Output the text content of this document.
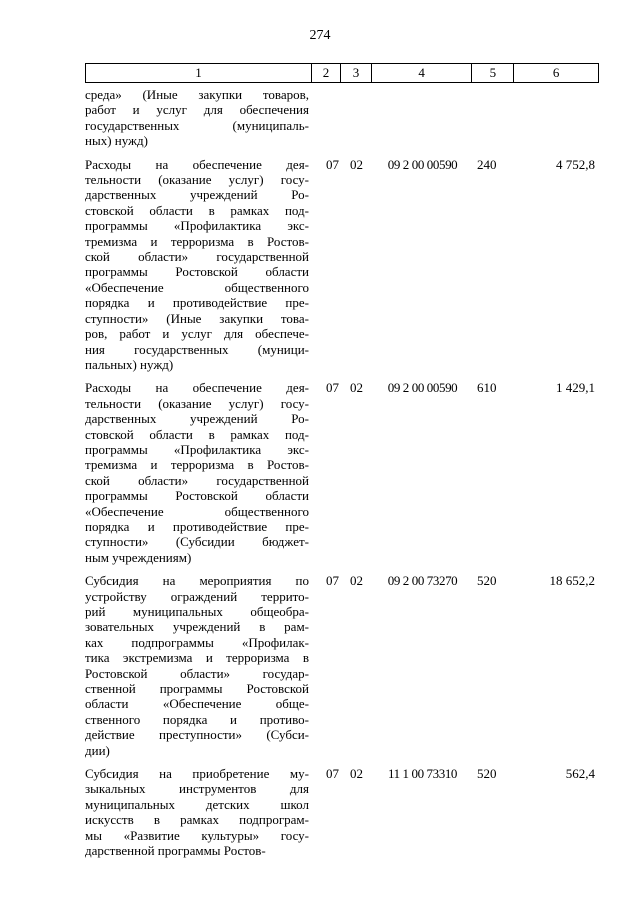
274
1	2	3	4	5	6
среда» (Иные закупки товаров,
работ и услуг для обеспечения
государственных (муниципаль-
ных) нужд)
Расходы на обеспечение дея-
тельности (оказание услуг) госу-
дарственных учреждений Ро-
стовской области в рамках под-
программы «Профилактика экс-
тремизма и терроризма в Ростов-
ской области» государственной
программы Ростовской области
«Обеспечение общественного
порядка и противодействие пре-
ступности» (Иные закупки това-
ров, работ и услуг для обеспече-
ния государственных (муници-
пальных) нужд)
07 02	09 2 00 00590	240	4 752,8
Расходы на обеспечение дея-
тельности (оказание услуг) госу-
дарственных учреждений Ро-
стовской области в рамках под-
программы «Профилактика экс-
тремизма и терроризма в Ростов-
ской области» государственной
программы Ростовской области
«Обеспечение общественного
порядка и противодействие пре-
ступности» (Субсидии бюджет-
ным учреждениям)
07 02	09 2 00 00590	610	1 429,1
Субсидия на мероприятия по
устройству ограждений террито-
рий муниципальных общеобра-
зовательных учреждений в рам-
ках подпрограммы «Профилак-
тика экстремизма и терроризма в
Ростовской области» государ-
ственной программы Ростовской
области «Обеспечение обще-
ственного порядка и противо-
действие преступности» (Субси-
дии)
07 02	09 2 00 73270	520	18 652,2
Субсидия на приобретение му-
зыкальных инструментов для
муниципальных детских школ
искусств в рамках подпрограм-
мы «Развитие культуры» госу-
дарственной программы Ростов-
07 02	11 1 00 73310	520	562,4
